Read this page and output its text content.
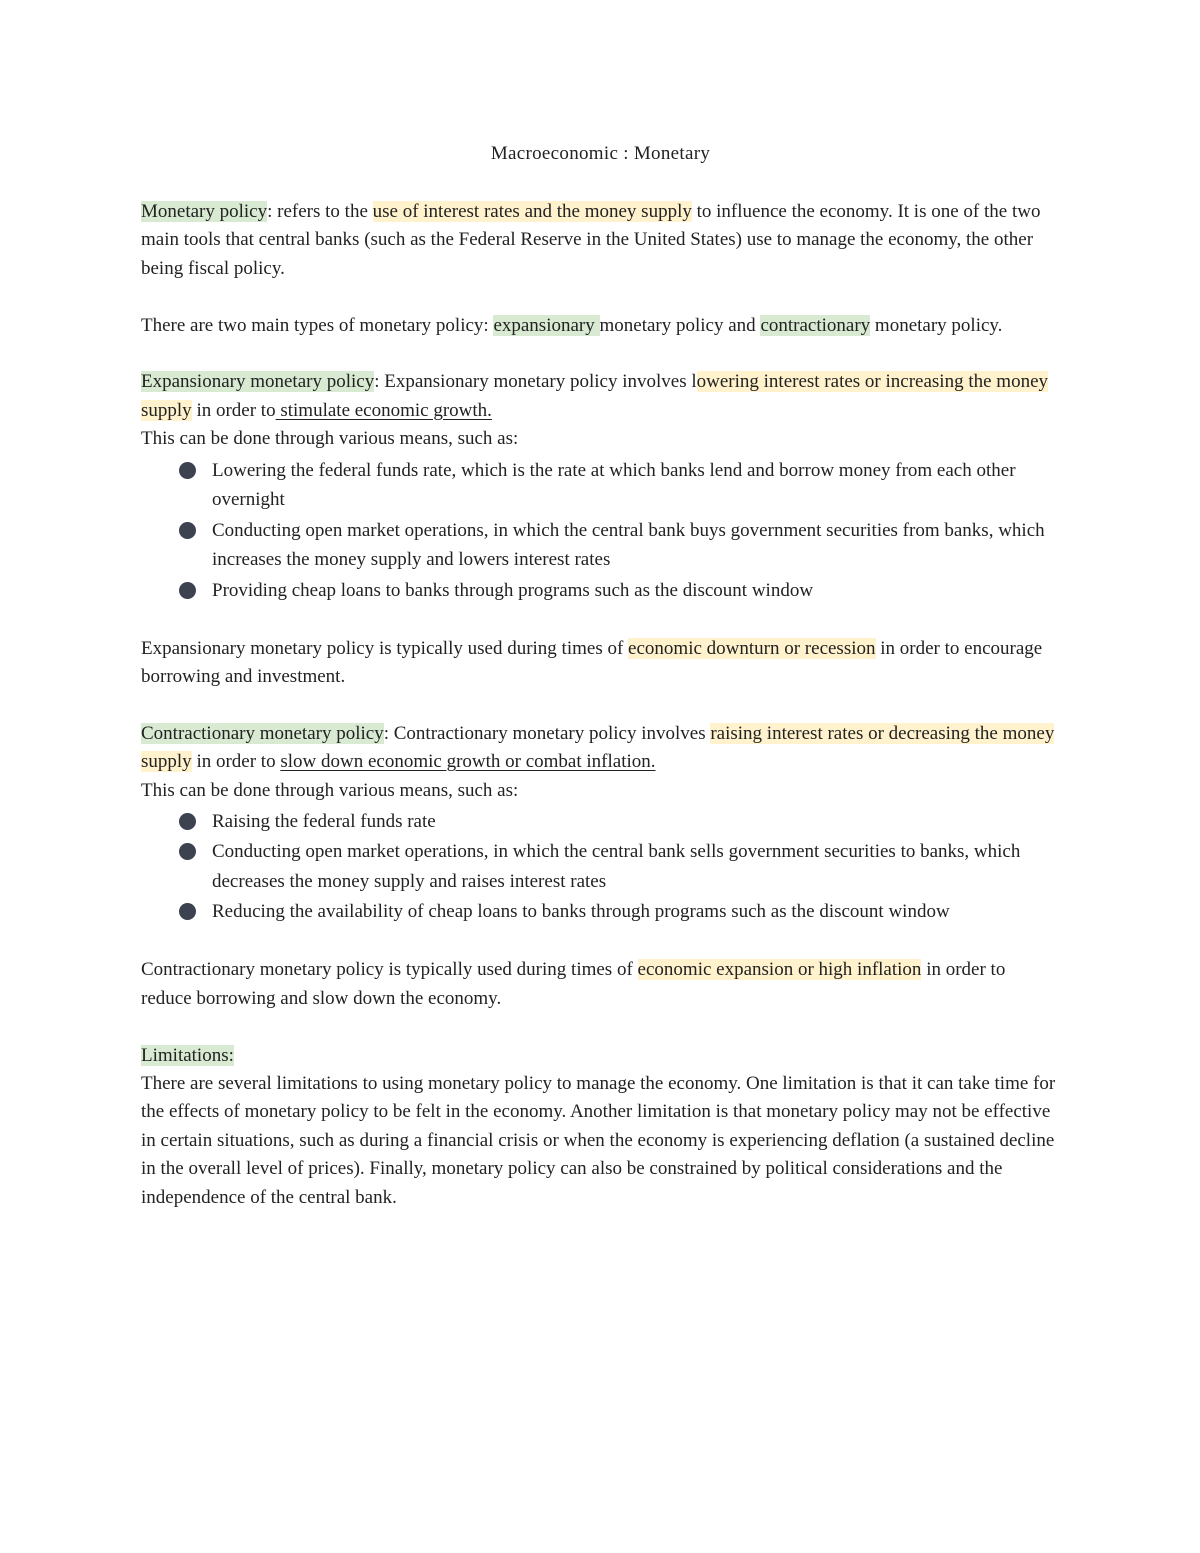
Macroeconomic : Monetary

Monetary policy: refers to the use of interest rates and the money supply to influence the economy. It is one of the two main tools that central banks (such as the Federal Reserve in the United States) use to manage the economy, the other being fiscal policy.

There are two main types of monetary policy: expansionary monetary policy and contractionary monetary policy.

Expansionary monetary policy: Expansionary monetary policy involves lowering interest rates or increasing the money supply in order to stimulate economic growth.

This can be done through various means, such as:

Lowering the federal funds rate, which is the rate at which banks lend and borrow money from each other overnight
Conducting open market operations, in which the central bank buys government securities from banks, which increases the money supply and lowers interest rates
Providing cheap loans to banks through programs such as the discount window

Expansionary monetary policy is typically used during times of economic downturn or recession in order to encourage borrowing and investment.

Contractionary monetary policy: Contractionary monetary policy involves raising interest rates or decreasing the money supply in order to slow down economic growth or combat inflation.

This can be done through various means, such as:

Raising the federal funds rate
Conducting open market operations, in which the central bank sells government securities to banks, which decreases the money supply and raises interest rates
Reducing the availability of cheap loans to banks through programs such as the discount window

Contractionary monetary policy is typically used during times of economic expansion or high inflation in order to reduce borrowing and slow down the economy.

Limitations:

There are several limitations to using monetary policy to manage the economy. One limitation is that it can take time for the effects of monetary policy to be felt in the economy. Another limitation is that monetary policy may not be effective in certain situations, such as during a financial crisis or when the economy is experiencing deflation (a sustained decline in the overall level of prices). Finally, monetary policy can also be constrained by political considerations and the independence of the central bank.
